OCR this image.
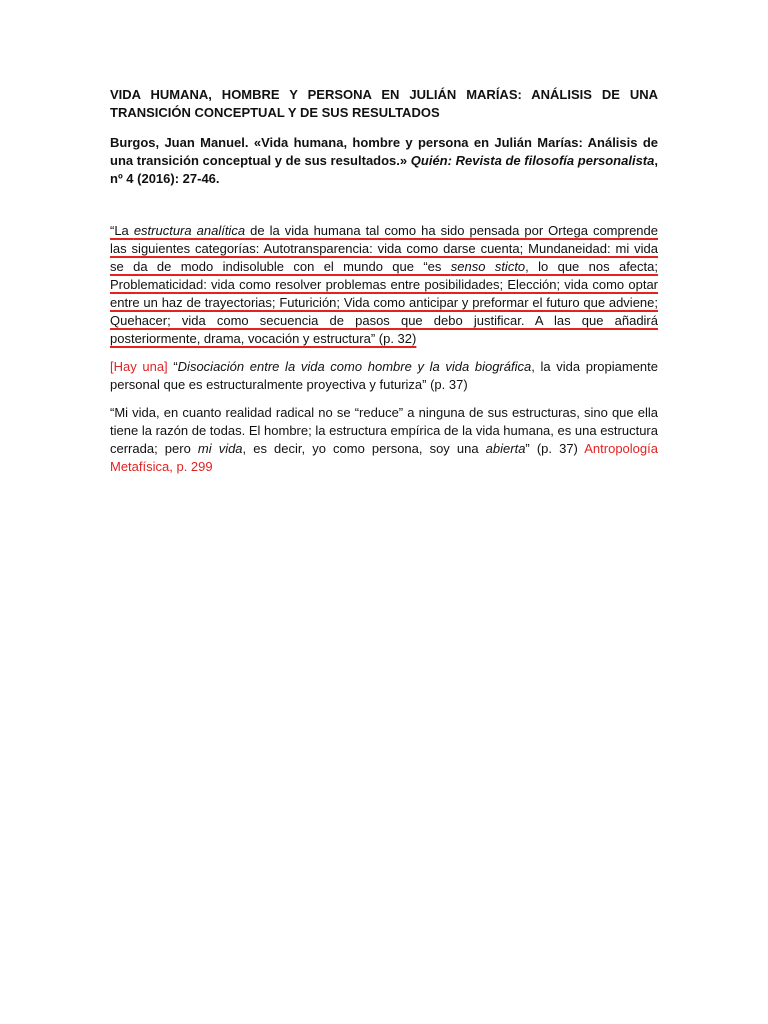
VIDA HUMANA, HOMBRE Y PERSONA EN JULIÁN MARÍAS: ANÁLISIS DE UNA TRANSICIÓN CONCEPTUAL Y DE SUS RESULTADOS

Burgos, Juan Manuel. «Vida humana, hombre y persona en Julián Marías: Análisis de una transición conceptual y de sus resultados.» Quién: Revista de filosofía personalista, nº 4 (2016): 27-46.

“La estructura analítica de la vida humana tal como ha sido pensada por Ortega comprende las siguientes categorías: Autotransparencia: vida como darse cuenta; Mundaneidad: mi vida se da de modo indisoluble con el mundo que “es senso sticto, lo que nos afecta; Problematicidad: vida como resolver problemas entre posibilidades; Elección; vida como optar entre un haz de trayectorias; Futurición; Vida como anticipar y preformar el futuro que adviene; Quehacer; vida como secuencia de pasos que debo justificar. A las que añadirá posteriormente, drama, vocación y estructura” (p. 32)

[Hay una] “Disociación entre la vida como hombre y la vida biográfica, la vida propiamente personal que es estructuralmente proyectiva y futuriza” (p. 37)

“Mi vida, en cuanto realidad radical no se “reduce” a ninguna de sus estructuras, sino que ella tiene la razón de todas. El hombre; la estructura empírica de la vida humana, es una estructura cerrada; pero mi vida, es decir, yo como persona, soy una abierta” (p. 37) Antropología Metafísica, p. 299
